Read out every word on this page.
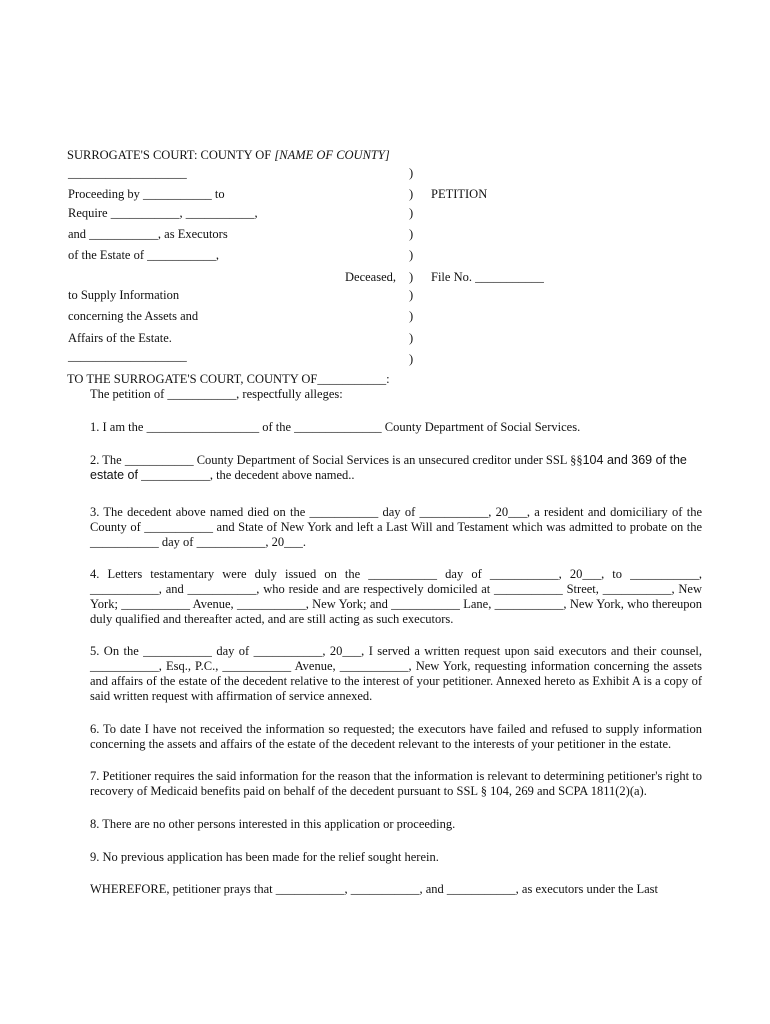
SURROGATE'S COURT: COUNTY OF [NAME OF COUNTY]
___________________
Proceeding by ___________ to
Require ___________, ___________,
and ___________, as Executors
of the Estate of ___________,
Deceased,
to Supply Information
concerning the Assets and
Affairs of the Estate.
___________________
)
)
)
)
)
)
)
)
)
)
PETITION
File No. ___________
TO THE SURROGATE'S COURT, COUNTY OF___________:
The petition of ___________, respectfully alleges:
1. I am the __________________ of the ______________ County Department of Social Services.
2. The ___________ County Department of Social Services is an unsecured creditor under SSL §§104 and 369 of the
estate of ___________, the decedent above named..
3. The decedent above named died on the ___________ day of ___________, 20___, a resident and domiciliary of the County of ___________ and State of New York and left a Last Will and Testament which was admitted to probate on the ___________ day of ___________, 20___.
4. Letters testamentary were duly issued on the ___________ day of ___________, 20___, to ___________, ___________, and ___________, who reside and are respectively domiciled at ___________ Street, ___________, New York; ___________ Avenue, ___________, New York; and ___________ Lane, ___________, New York, who thereupon duly qualified and thereafter acted, and are still acting as such executors.
5. On the ___________ day of ___________, 20___, I served a written request upon said executors and their counsel, ___________, Esq., P.C., ___________ Avenue, ___________, New York, requesting information concerning the assets and affairs of the estate of the decedent relative to the interest of your petitioner. Annexed hereto as Exhibit A is a copy of said written request with affirmation of service annexed.
6. To date I have not received the information so requested; the executors have failed and refused to supply information concerning the assets and affairs of the estate of the decedent relevant to the interests of your petitioner in the estate.
7. Petitioner requires the said information for the reason that the information is relevant to determining petitioner's right to recovery of Medicaid benefits paid on behalf of the decedent pursuant to SSL § 104, 269 and SCPA 1811(2)(a).
8. There are no other persons interested in this application or proceeding.
9. No previous application has been made for the relief sought herein.
WHEREFORE, petitioner prays that ___________, ___________, and ___________, as executors under the Last
